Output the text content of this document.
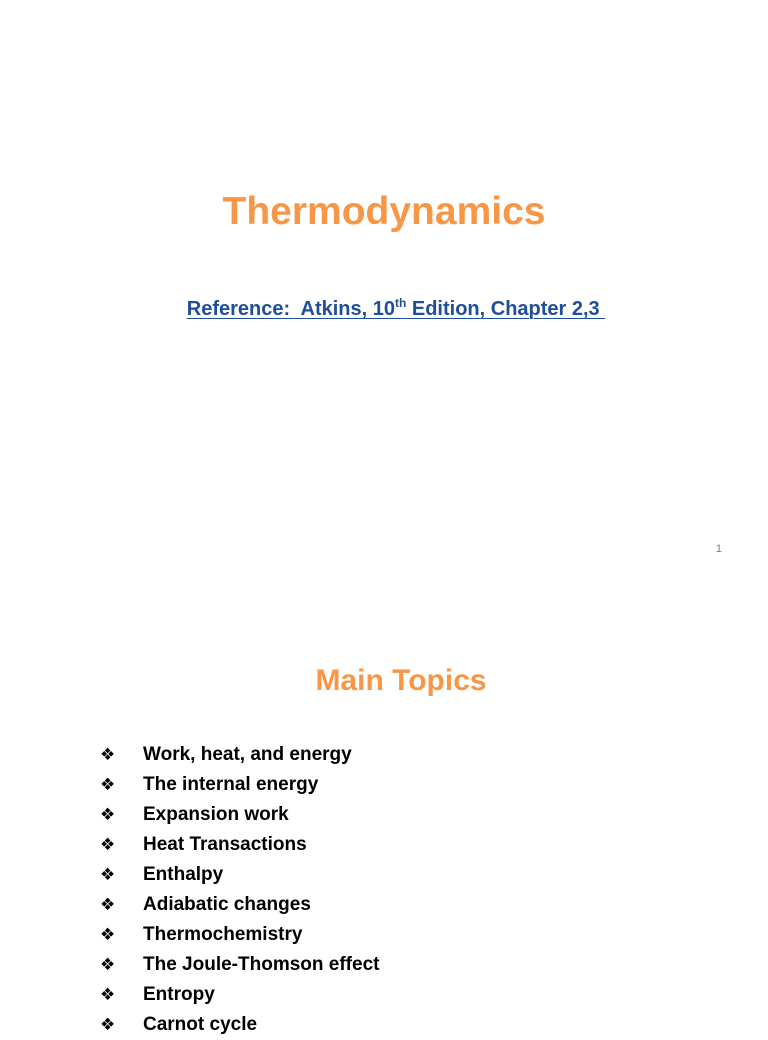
Thermodynamics
Reference:  Atkins, 10th Edition, Chapter 2,3
1
Main Topics
❖	Work, heat, and energy
❖	The internal energy
❖	Expansion work
❖	Heat Transactions
❖	Enthalpy
❖	Adiabatic changes
❖	Thermochemistry
❖	The Joule-Thomson effect
❖	Entropy
❖	Carnot cycle
